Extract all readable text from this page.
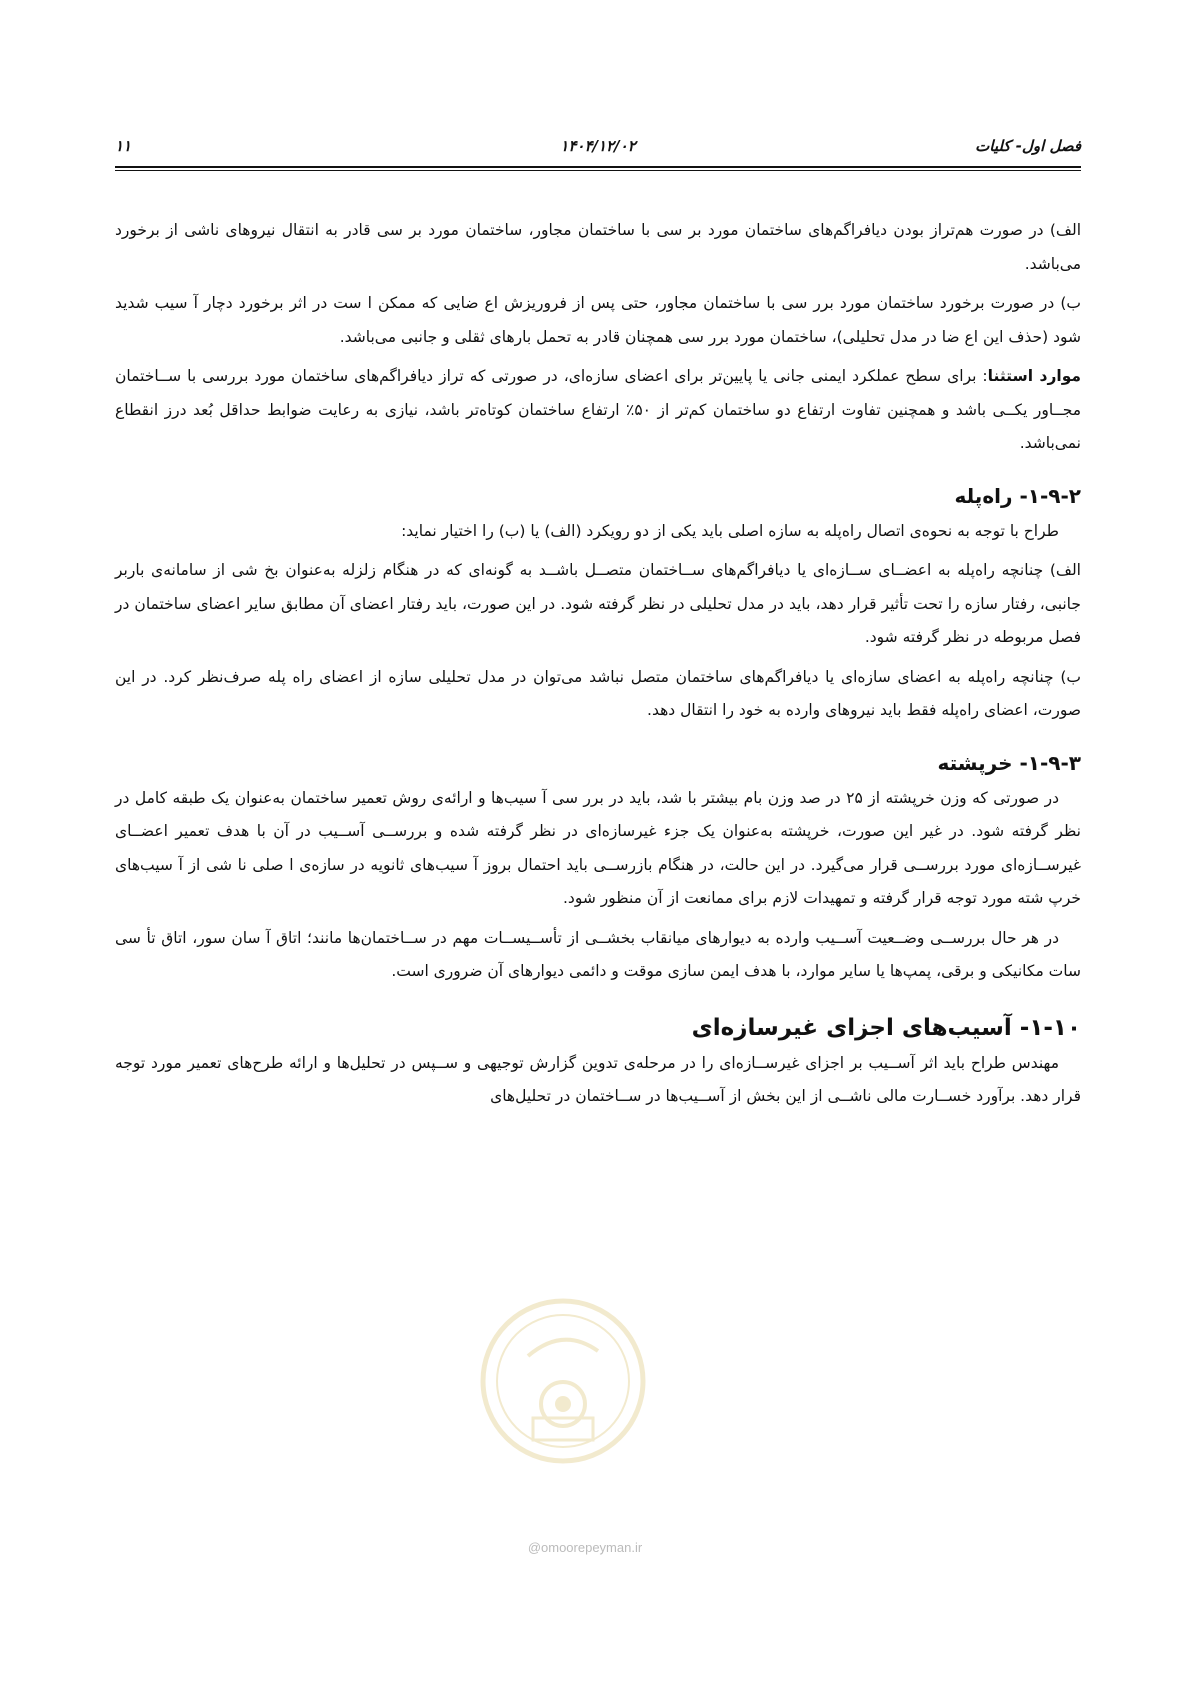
فصل اول- کلیات
۱۴۰۴/۱۲/۰۲
۱۱

الف) در صورت هم‌تراز بودن دیافراگم‌های ساختمان مورد بر سی با ساختمان مجاور، ساختمان مورد بر سی قادر به انتقال نیروهای ناشی از برخورد می‌باشد.

ب) در صورت برخورد ساختمان مورد برر سی با ساختمان مجاور، حتی پس از فروریزش اع ضایی که ممکن ا ست در اثر برخورد دچار آ سیب شدید شود (حذف این اع ضا در مدل تحلیلی)، ساختمان مورد برر سی همچنان قادر به تحمل بارهای ثقلی و جانبی می‌باشد.

موارد استثنا: برای سطح عملکرد ایمنی جانی یا پایین‌تر برای اعضای سازه‌ای، در صورتی که تراز دیافراگم‌های ساختمان مورد بررسی با ســاختمان مجــاور یکــی باشد و همچنین تفاوت ارتفاع دو ساختمان کم‌تر از ۵۰٪ ارتفاع ساختمان کوتاه‌تر باشد، نیازی به رعایت ضوابط حداقل بُعد درز انقطاع نمی‌باشد.

۱-۹-۲- راه‌پله

طراح با توجه به نحوه‌ی اتصال راه‌پله به سازه اصلی باید یکی از دو رویکرد (الف) یا (ب) را اختیار نماید:

الف) چنانچه راه‌پله به اعضــای ســازه‌ای یا دیافراگم‌های ســاختمان متصــل باشــد به گونه‌ای که در هنگام زلزله به‌عنوان بخ شی از سامانه‌ی باربر جانبی، رفتار سازه را تحت تأثیر قرار دهد، باید در مدل تحلیلی در نظر گرفته شود. در این صورت، باید رفتار اعضای آن مطابق سایر اعضای ساختمان در فصل مربوطه در نظر گرفته شود.

ب) چنانچه راه‌پله به اعضای سازه‌ای یا دیافراگم‌های ساختمان متصل نباشد می‌توان در مدل تحلیلی سازه از اعضای راه پله صرف‌نظر کرد. در این صورت، اعضای راه‌پله فقط باید نیروهای وارده به خود را انتقال دهد.

۱-۹-۳- خرپشته

در صورتی که وزن خرپشته از ۲۵ در صد وزن بام بیشتر با شد، باید در برر سی آ سیب‌ها و ارائه‌ی روش تعمیر ساختمان به‌عنوان یک طبقه کامل در نظر گرفته شود. در غیر این صورت، خرپشته به‌عنوان یک جزء غیرسازه‌ای در نظر گرفته شده و بررســی آســیب در آن با هدف تعمیر اعضــای غیرســازه‌ای مورد بررســی قرار می‌گیرد. در این حالت، در هنگام بازرســی باید احتمال بروز آ سیب‌های ثانویه در سازه‌ی ا صلی نا شی از آ سیب‌های خرپ شته مورد توجه قرار گرفته و تمهیدات لازم برای ممانعت از آن منظور شود.

در هر حال بررســی وضــعیت آســیب وارده به دیوارهای میانقاب بخشــی از تأســیســات مهم در ســاختمان‌ها مانند؛ اتاق آ سان سور، اتاق تأ سی سات مکانیکی و برقی، پمپ‌ها یا سایر موارد، با هدف ایمن سازی موقت و دائمی دیوارهای آن ضروری است.

۱-۱۰- آسیب‌های اجزای غیرسازه‌ای

مهندس طراح باید اثر آســیب بر اجزای غیرســازه‌ای را در مرحله‌ی تدوین گزارش توجیهی و ســپس در تحلیل‌ها و ارائه طرح‌های تعمیر مورد توجه قرار دهد. برآورد خســارت مالی ناشــی از این بخش از آســیب‌ها در ســاختمان در تحلیل‌های

@omoorepeyman.ir
